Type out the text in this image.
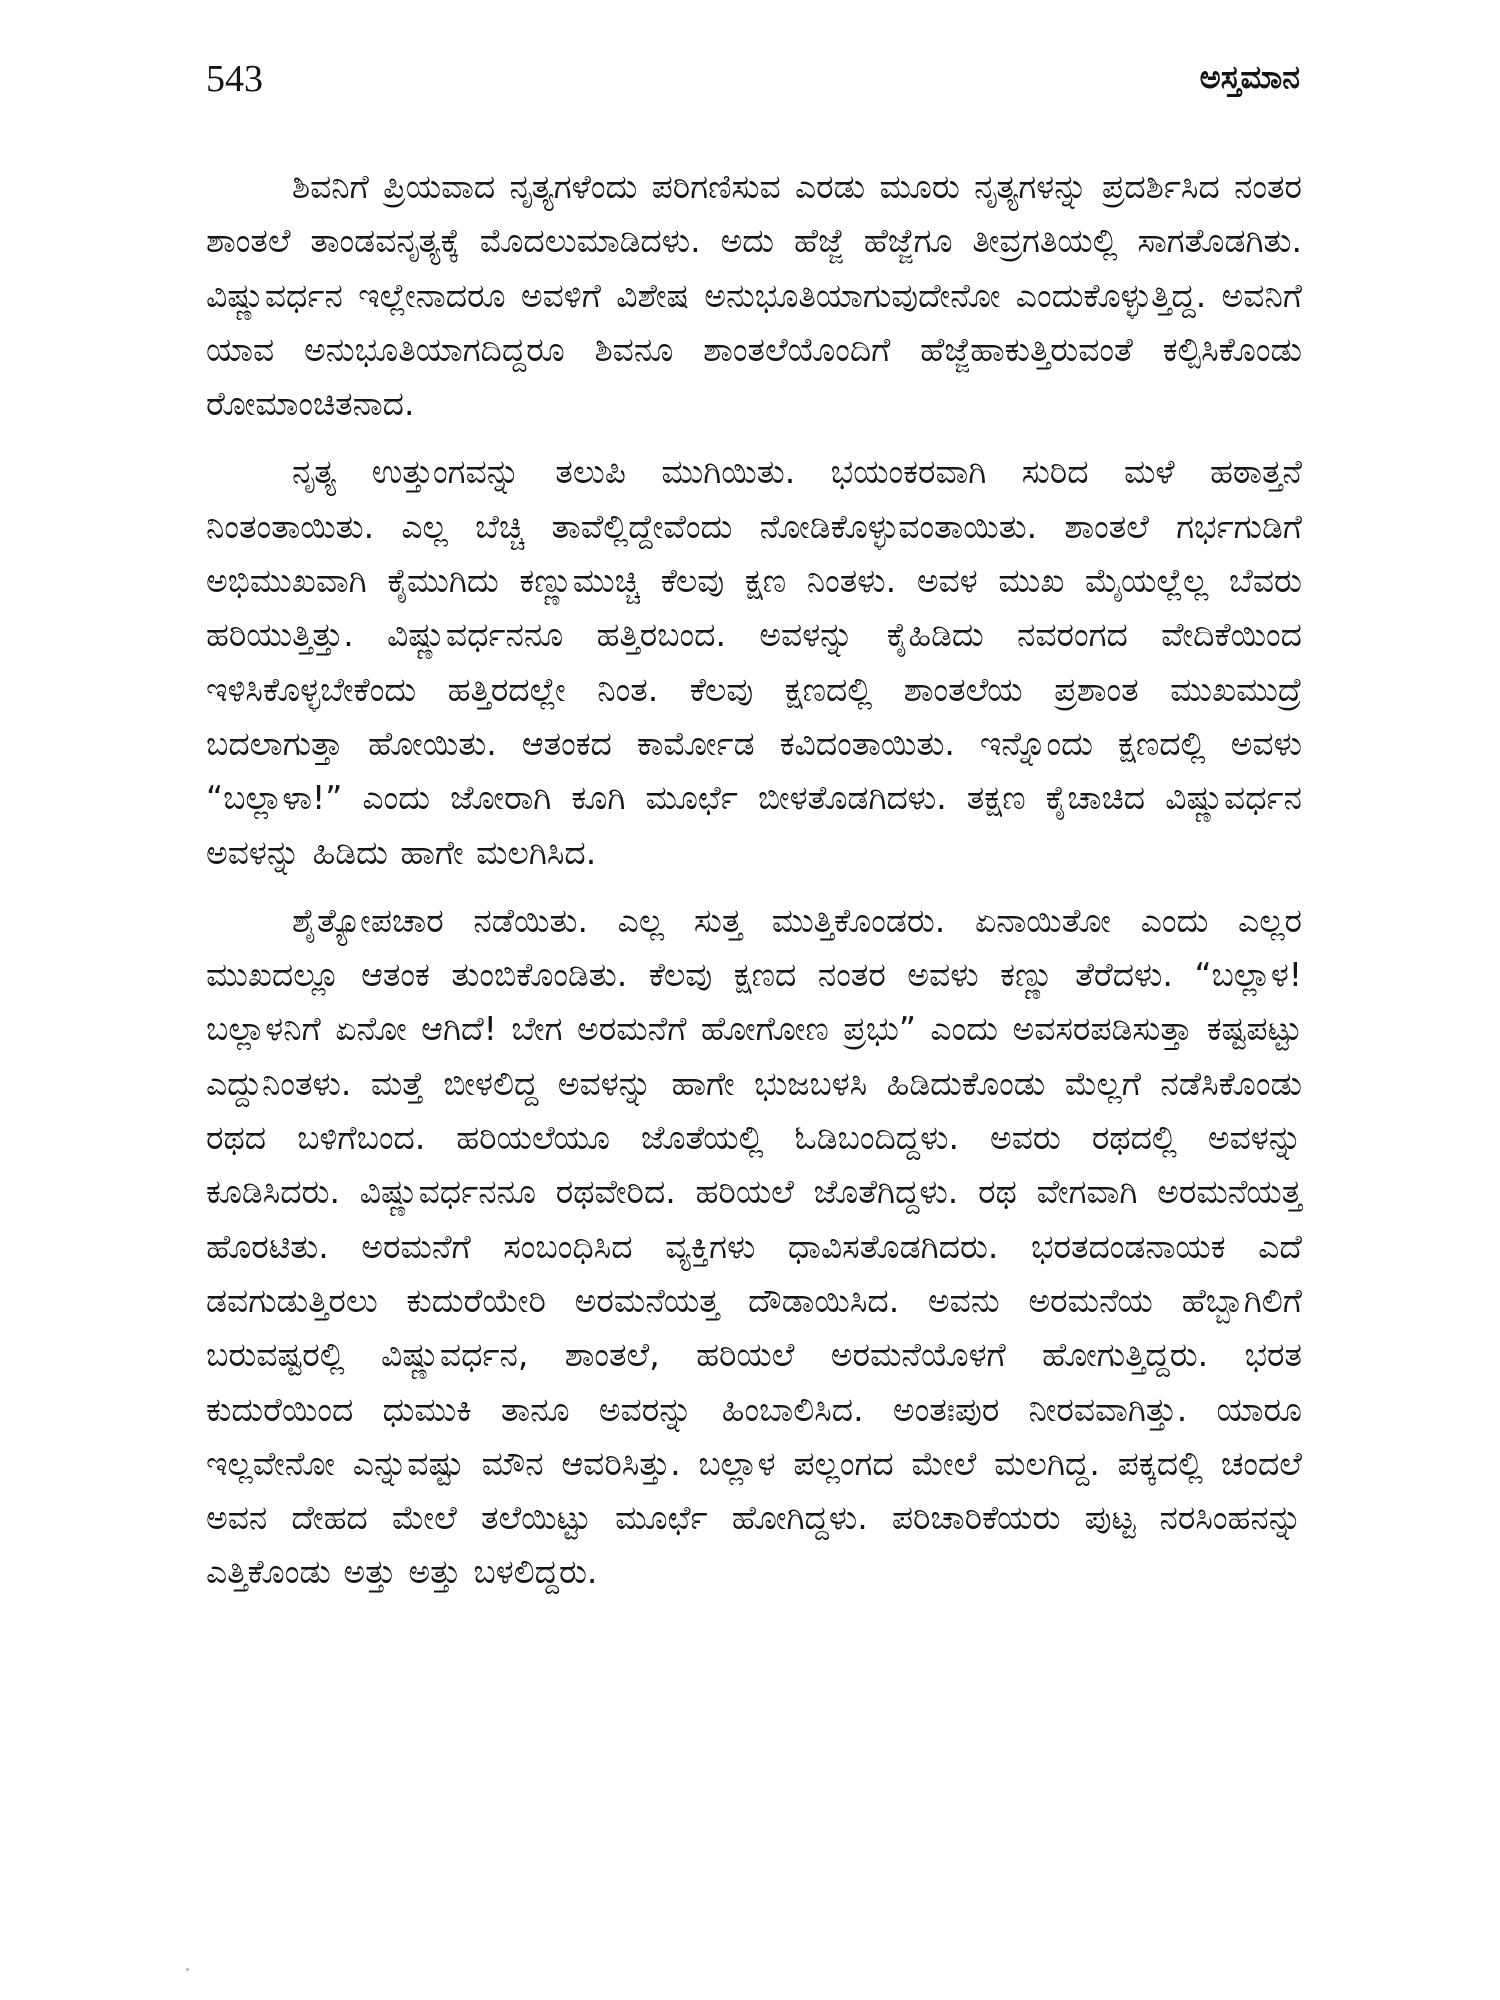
543	ಅಸ್ತಮಾನ

ಶಿವನಿಗೆ ಪ್ರಿಯವಾದ ನೃತ್ಯಗಳೆಂದು ಪರಿಗಣಿಸುವ ಎರಡು ಮೂರು ನೃತ್ಯಗಳನ್ನು ಪ್ರದರ್ಶಿಸಿದ ನಂತರ ಶಾಂತಲೆ ತಾಂಡವನೃತ್ಯಕ್ಕೆ ಮೊದಲುಮಾಡಿದಳು. ಅದು ಹೆಜ್ಜೆ ಹೆಜ್ಜೆಗೂ ತೀವ್ರಗತಿಯಲ್ಲಿ ಸಾಗತೊಡಗಿತು. ವಿಷ್ಣುವರ್ಧನ ಇಲ್ಲೇನಾದರೂ ಅವಳಿಗೆ ವಿಶೇಷ ಅನುಭೂತಿಯಾಗುವುದೇನೋ ಎಂದುಕೊಳ್ಳುತ್ತಿದ್ದ. ಅವನಿಗೆ ಯಾವ ಅನುಭೂತಿಯಾಗದಿದ್ದರೂ ಶಿವನೂ ಶಾಂತಲೆಯೊಂದಿಗೆ ಹೆಜ್ಜೆಹಾಕುತ್ತಿರುವಂತೆ ಕಲ್ಪಿಸಿಕೊಂಡು ರೋಮಾಂಚಿತನಾದ.

ನೃತ್ಯ ಉತ್ತುಂಗವನ್ನು ತಲುಪಿ ಮುಗಿಯಿತು. ಭಯಂಕರವಾಗಿ ಸುರಿದ ಮಳೆ ಹಠಾತ್ತನೆ ನಿಂತಂತಾಯಿತು. ಎಲ್ಲ ಬೆಚ್ಚಿ ತಾವೆಲ್ಲಿದ್ದೇವೆಂದು ನೋಡಿಕೊಳ್ಳುವಂತಾಯಿತು. ಶಾಂತಲೆ ಗರ್ಭಗುಡಿಗೆ ಅಭಿಮುಖವಾಗಿ ಕೈಮುಗಿದು ಕಣ್ಣುಮುಚ್ಚಿ ಕೆಲವು ಕ್ಷಣ ನಿಂತಳು. ಅವಳ ಮುಖ ಮೈಯಲ್ಲೆಲ್ಲ ಬೆವರು ಹರಿಯುತ್ತಿತ್ತು. ವಿಷ್ಣುವರ್ಧನನೂ ಹತ್ತಿರಬಂದ. ಅವಳನ್ನು ಕೈಹಿಡಿದು ನವರಂಗದ ವೇದಿಕೆಯಿಂದ ಇಳಿಸಿಕೊಳ್ಳಬೇಕೆಂದು ಹತ್ತಿರದಲ್ಲೇ ನಿಂತ. ಕೆಲವು ಕ್ಷಣದಲ್ಲಿ ಶಾಂತಲೆಯ ಪ್ರಶಾಂತ ಮುಖಮುದ್ರೆ ಬದಲಾಗುತ್ತಾ ಹೋಯಿತು. ಆತಂಕದ ಕಾರ್ಮೋಡ ಕವಿದಂತಾಯಿತು. ಇನ್ನೊಂದು ಕ್ಷಣದಲ್ಲಿ ಅವಳು “ಬಲ್ಲಾಳಾ!” ಎಂದು ಜೋರಾಗಿ ಕೂಗಿ ಮೂರ್ಛೆ ಬೀಳತೊಡಗಿದಳು. ತಕ್ಷಣ ಕೈಚಾಚಿದ ವಿಷ್ಣುವರ್ಧನ ಅವಳನ್ನು ಹಿಡಿದು ಹಾಗೇ ಮಲಗಿಸಿದ.

ಶೈತ್ಯೋಪಚಾರ ನಡೆಯಿತು. ಎಲ್ಲ ಸುತ್ತ ಮುತ್ತಿಕೊಂಡರು. ಏನಾಯಿತೋ ಎಂದು ಎಲ್ಲರ ಮುಖದಲ್ಲೂ ಆತಂಕ ತುಂಬಿಕೊಂಡಿತು. ಕೆಲವು ಕ್ಷಣದ ನಂತರ ಅವಳು ಕಣ್ಣು ತೆರೆದಳು. “ಬಲ್ಲಾಳ! ಬಲ್ಲಾಳನಿಗೆ ಏನೋ ಆಗಿದೆ! ಬೇಗ ಅರಮನೆಗೆ ಹೋಗೋಣ ಪ್ರಭು” ಎಂದು ಅವಸರಪಡಿಸುತ್ತಾ ಕಷ್ಟಪಟ್ಟು ಎದ್ದುನಿಂತಳು. ಮತ್ತೆ ಬೀಳಲಿದ್ದ ಅವಳನ್ನು ಹಾಗೇ ಭುಜಬಳಸಿ ಹಿಡಿದುಕೊಂಡು ಮೆಲ್ಲಗೆ ನಡೆಸಿಕೊಂಡು ರಥದ ಬಳಿಗೆಬಂದ. ಹರಿಯಲೆಯೂ ಜೊತೆಯಲ್ಲಿ ಓಡಿಬಂದಿದ್ದಳು. ಅವರು ರಥದಲ್ಲಿ ಅವಳನ್ನು ಕೂಡಿಸಿದರು. ವಿಷ್ಣುವರ್ಧನನೂ ರಥವೇರಿದ. ಹರಿಯಲೆ ಜೊತೆಗಿದ್ದಳು. ರಥ ವೇಗವಾಗಿ ಅರಮನೆಯತ್ತ ಹೊರಟಿತು. ಅರಮನೆಗೆ ಸಂಬಂಧಿಸಿದ ವ್ಯಕ್ತಿಗಳು ಧಾವಿಸತೊಡಗಿದರು. ಭರತದಂಡನಾಯಕ ಎದೆ ಡವಗುಡುತ್ತಿರಲು ಕುದುರೆಯೇರಿ ಅರಮನೆಯತ್ತ ದೌಡಾಯಿಸಿದ. ಅವನು ಅರಮನೆಯ ಹೆಬ್ಬಾಗಿಲಿಗೆ ಬರುವಷ್ಟರಲ್ಲಿ ವಿಷ್ಣುವರ್ಧನ, ಶಾಂತಲೆ, ಹರಿಯಲೆ ಅರಮನೆಯೊಳಗೆ ಹೋಗುತ್ತಿದ್ದರು. ಭರತ ಕುದುರೆಯಿಂದ ಧುಮುಕಿ ತಾನೂ ಅವರನ್ನು ಹಿಂಬಾಲಿಸಿದ. ಅಂತಃಪುರ ನೀರವವಾಗಿತ್ತು. ಯಾರೂ ಇಲ್ಲವೇನೋ ಎನ್ನುವಷ್ಟು ಮೌನ ಆವರಿಸಿತ್ತು. ಬಲ್ಲಾಳ ಪಲ್ಲಂಗದ ಮೇಲೆ ಮಲಗಿದ್ದ. ಪಕ್ಕದಲ್ಲಿ ಚಂದಲೆ ಅವನ ದೇಹದ ಮೇಲೆ ತಲೆಯಿಟ್ಟು ಮೂರ್ಛೆ ಹೋಗಿದ್ದಳು. ಪರಿಚಾರಿಕೆಯರು ಪುಟ್ಟ ನರಸಿಂಹನನ್ನು ಎತ್ತಿಕೊಂಡು ಅತ್ತು ಅತ್ತು ಬಳಲಿದ್ದರು.
